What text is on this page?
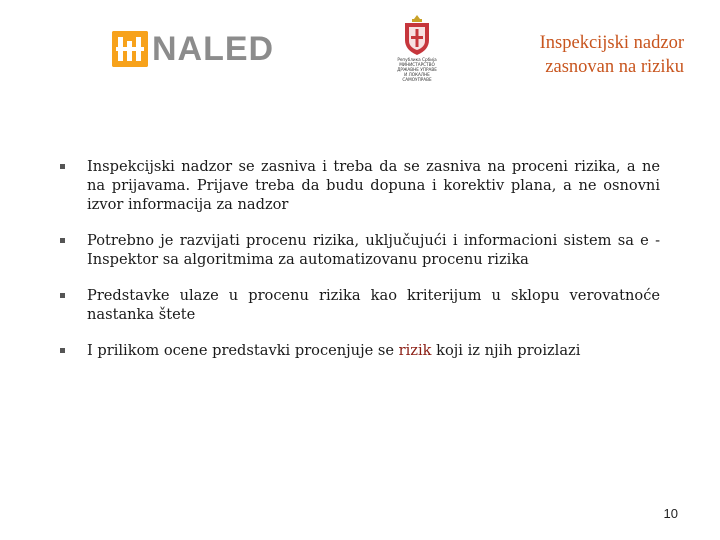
NALED	Република Србија
МИНИСТАРСТВО
ДРЖАВНЕ УПРАВЕ
И ЛОКАЛНЕ
САМОУПРАВЕ
Inspekcijski nadzor
zasnovan na riziku
Inspekcijski nadzor se zasniva i treba da se zasniva na proceni rizika, a ne na prijavama. Prijave treba da budu dopuna i korektiv plana, a ne osnovni izvor informacija za nadzor
Potrebno je razvijati procenu rizika, uključujući i informacioni sistem sa e -Inspektor sa algoritmima za automatizovanu procenu rizika
Predstavke ulaze u procenu rizika kao kriterijum u sklopu verovatnoće nastanka štete
I prilikom ocene predstavki procenjuje se rizik koji iz njih proizlazi
10
